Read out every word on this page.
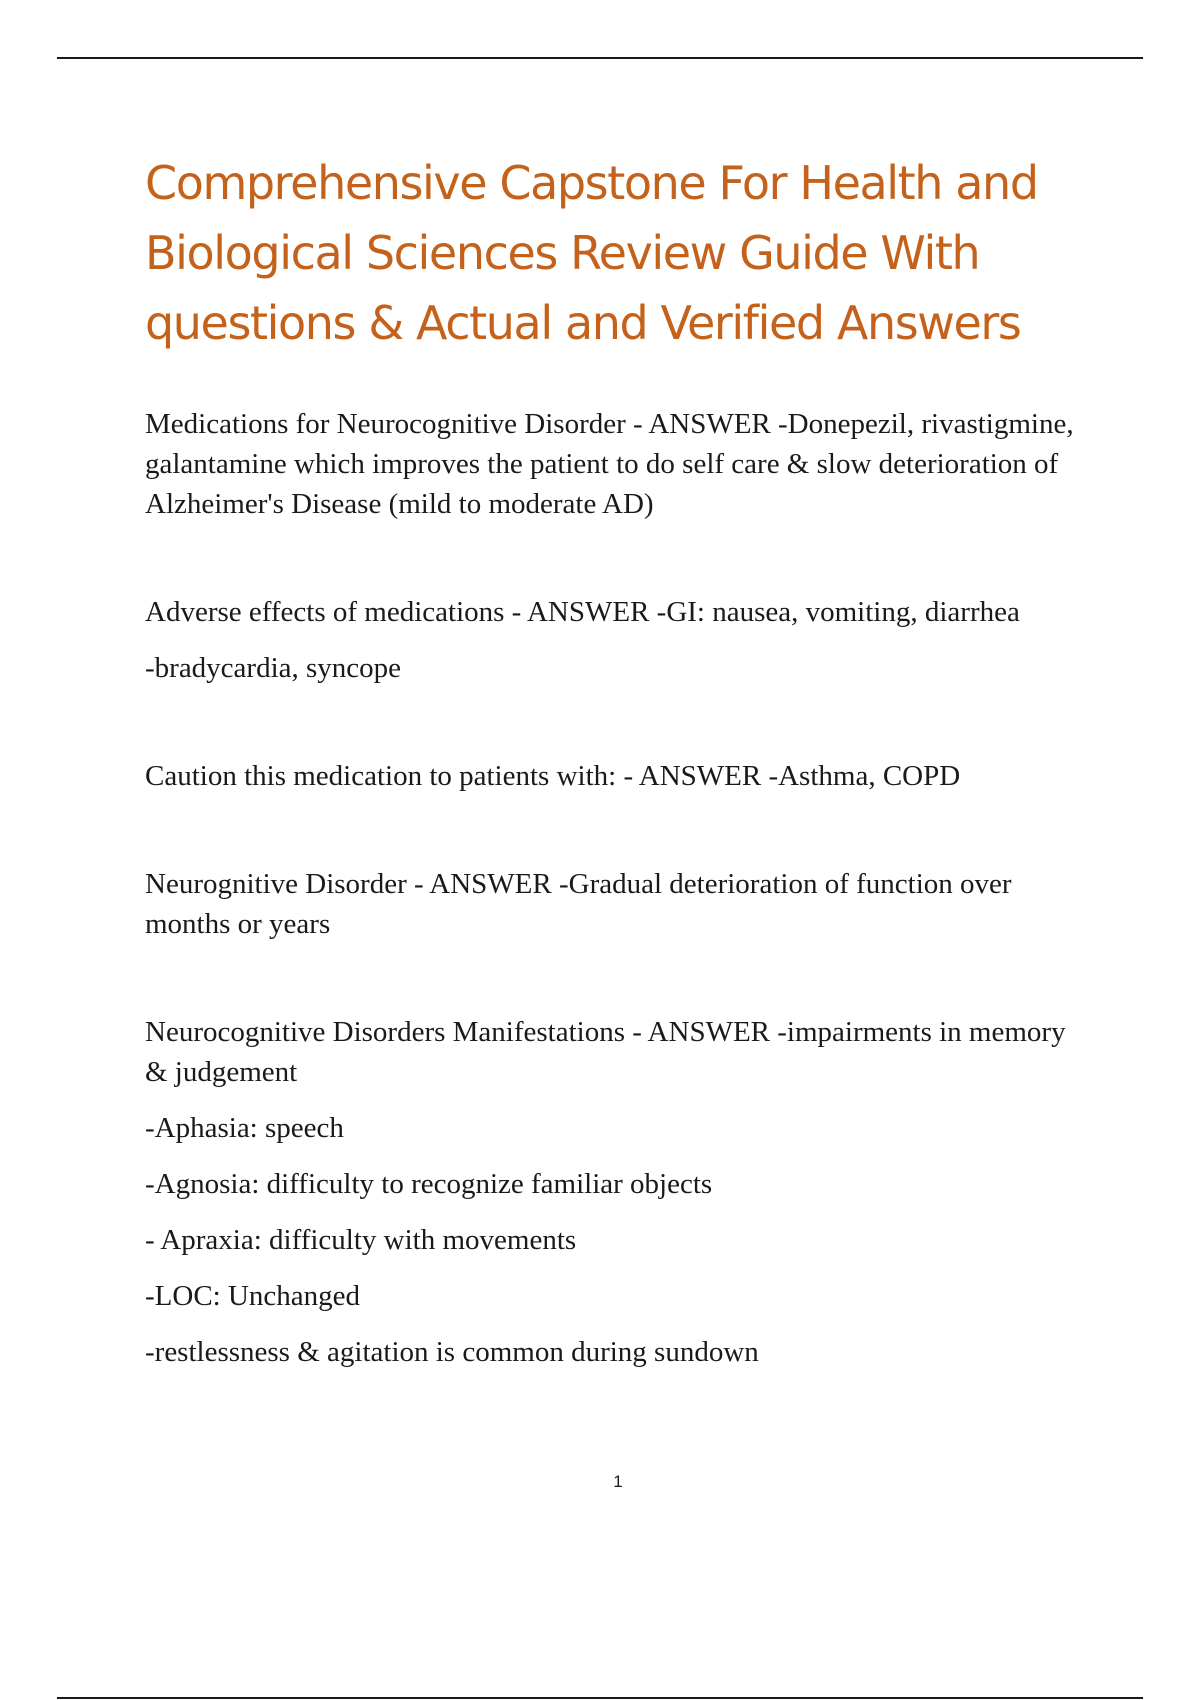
Comprehensive Capstone For Health and Biological Sciences Review Guide With questions & Actual and Verified Answers

Medications for Neurocognitive Disorder - ANSWER -Donepezil, rivastigmine, galantamine which improves the patient to do self care & slow deterioration of Alzheimer's Disease (mild to moderate AD)

Adverse effects of medications - ANSWER -GI: nausea, vomiting, diarrhea

-bradycardia, syncope

Caution this medication to patients with: - ANSWER -Asthma, COPD

Neurognitive Disorder - ANSWER -Gradual deterioration of function over months or years

Neurocognitive Disorders Manifestations - ANSWER -impairments in memory & judgement

-Aphasia: speech

-Agnosia: difficulty to recognize familiar objects

- Apraxia: difficulty with movements

-LOC: Unchanged

-restlessness & agitation is common during sundown

1
